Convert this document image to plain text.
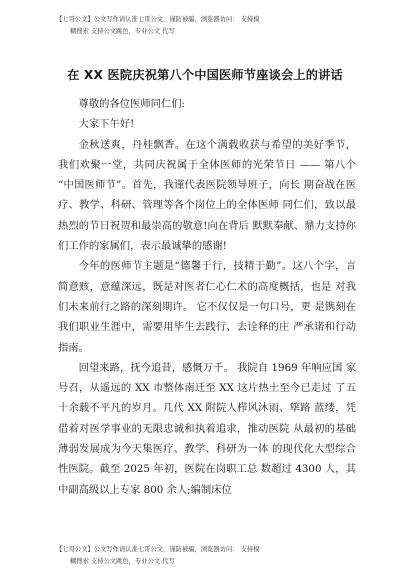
【七哥公文】公文写作请认准七哥公文，谨防被骗，浏览器访问： 支持模
糊搜索 支持公文跳色，专业公文 代写
在 XX 医院庆祝第八个中国医师节座谈会上的讲话

尊敬的各位医师同仁们:

大家下午好!

金秋送爽，丹桂飘香。在这个满载收获与希望的美好季节，我们欢聚一堂，共同庆祝属于全体医师的光荣节日 —— 第八个 “中国医师节”。首先，我谨代表医院领导班子，向长 期奋战在医疗、教学、科研、管理等各个岗位上的全体医师 同仁们，致以最热烈的节日祝贺和最崇高的敬意!向在背后 默默奉献、鼎力支持你们工作的家属们，表示最诚挚的感谢!

今年的医师节主题是“德馨于行，技精于勤”。这八个字，言简意赅，意蕴深远，既是对医者仁心仁术的高度概括，也是 对我们未来前行之路的深刻期许。 它不仅仅是一句口号，更 是镌刻在我们职业生涯中，需要用毕生去践行、去诠释的庄 严承诺和行动指南。

回望来路，抚今追昔，感慨万千。 我院自 1969 年响应国 家号召，从遥远的 XX 市整体南迁至 XX 这片热土至今已走过 了五十余载不平凡的岁月。几代 XX 附院人栉风沐雨、筚路 蓝缕，凭借着对医学事业的无限忠诚和执着追求，推动医院 从最初的基础薄弱发展成为今天集医疗、教学、科研为一体 的现代化大型综合性医院。截至 2025 年初，医院在岗职工总 数超过 4300 人，其中副高级以上专家 800 余人;编制床位

【七哥公文】公文写作请认准七哥公文，谨防被骗，浏览器访问： 支持模
糊搜索 支持公文跳色，专业公文 代写
